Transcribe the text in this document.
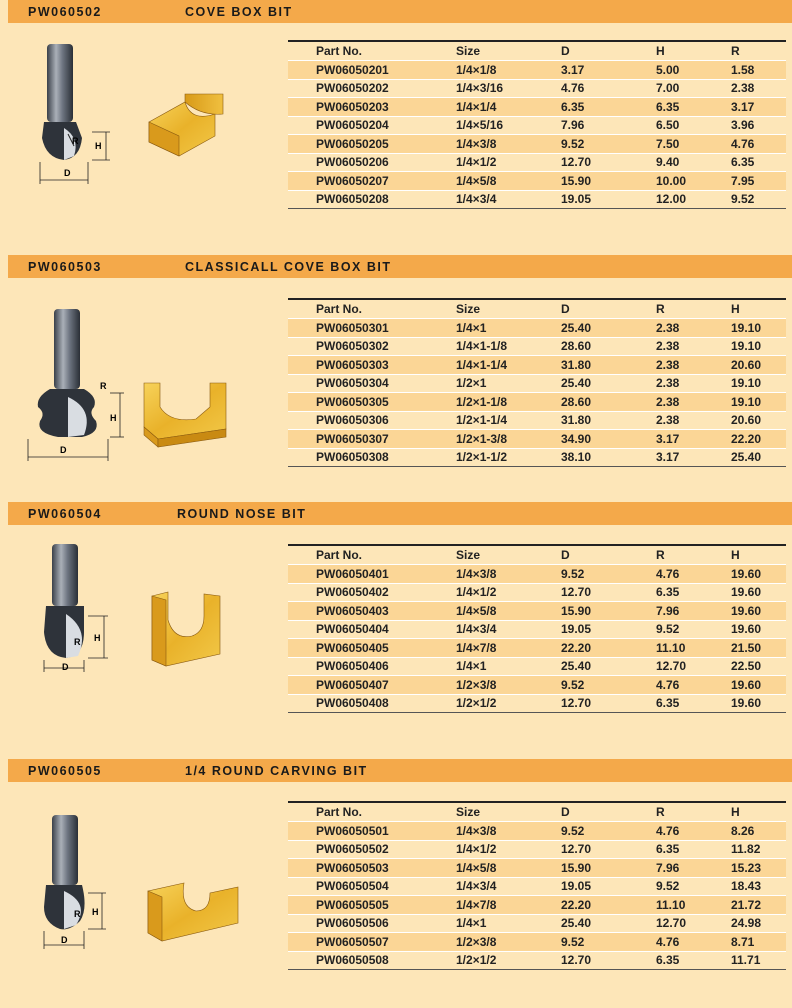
PW060502	COVE BOX BIT
D
H
R
Part No.	Size	D	H	R
PW06050201	1/4×1/8	3.17	5.00	1.58
PW06050202	1/4×3/16	4.76	7.00	2.38
PW06050203	1/4×1/4	6.35	6.35	3.17
PW06050204	1/4×5/16	7.96	6.50	3.96
PW06050205	1/4×3/8	9.52	7.50	4.76
PW06050206	1/4×1/2	12.70	9.40	6.35
PW06050207	1/4×5/8	15.90	10.00	7.95
PW06050208	1/4×3/4	19.05	12.00	9.52
PW060503	CLASSICALL COVE BOX BIT
D
H
R
Part No.	Size	D	R	H
PW06050301	1/4×1	25.40	2.38	19.10
PW06050302	1/4×1-1/8	28.60	2.38	19.10
PW06050303	1/4×1-1/4	31.80	2.38	20.60
PW06050304	1/2×1	25.40	2.38	19.10
PW06050305	1/2×1-1/8	28.60	2.38	19.10
PW06050306	1/2×1-1/4	31.80	2.38	20.60
PW06050307	1/2×1-3/8	34.90	3.17	22.20
PW06050308	1/2×1-1/2	38.10	3.17	25.40
PW060504	ROUND NOSE BIT
D
H
R
Part No.	Size	D	R	H
PW06050401	1/4×3/8	9.52	4.76	19.60
PW06050402	1/4×1/2	12.70	6.35	19.60
PW06050403	1/4×5/8	15.90	7.96	19.60
PW06050404	1/4×3/4	19.05	9.52	19.60
PW06050405	1/4×7/8	22.20	11.10	21.50
PW06050406	1/4×1	25.40	12.70	22.50
PW06050407	1/2×3/8	9.52	4.76	19.60
PW06050408	1/2×1/2	12.70	6.35	19.60
PW060505	1/4 ROUND CARVING BIT
D
H
R
Part No.	Size	D	R	H
PW06050501	1/4×3/8	9.52	4.76	8.26
PW06050502	1/4×1/2	12.70	6.35	11.82
PW06050503	1/4×5/8	15.90	7.96	15.23
PW06050504	1/4×3/4	19.05	9.52	18.43
PW06050505	1/4×7/8	22.20	11.10	21.72
PW06050506	1/4×1	25.40	12.70	24.98
PW06050507	1/2×3/8	9.52	4.76	8.71
PW06050508	1/2×1/2	12.70	6.35	11.71
